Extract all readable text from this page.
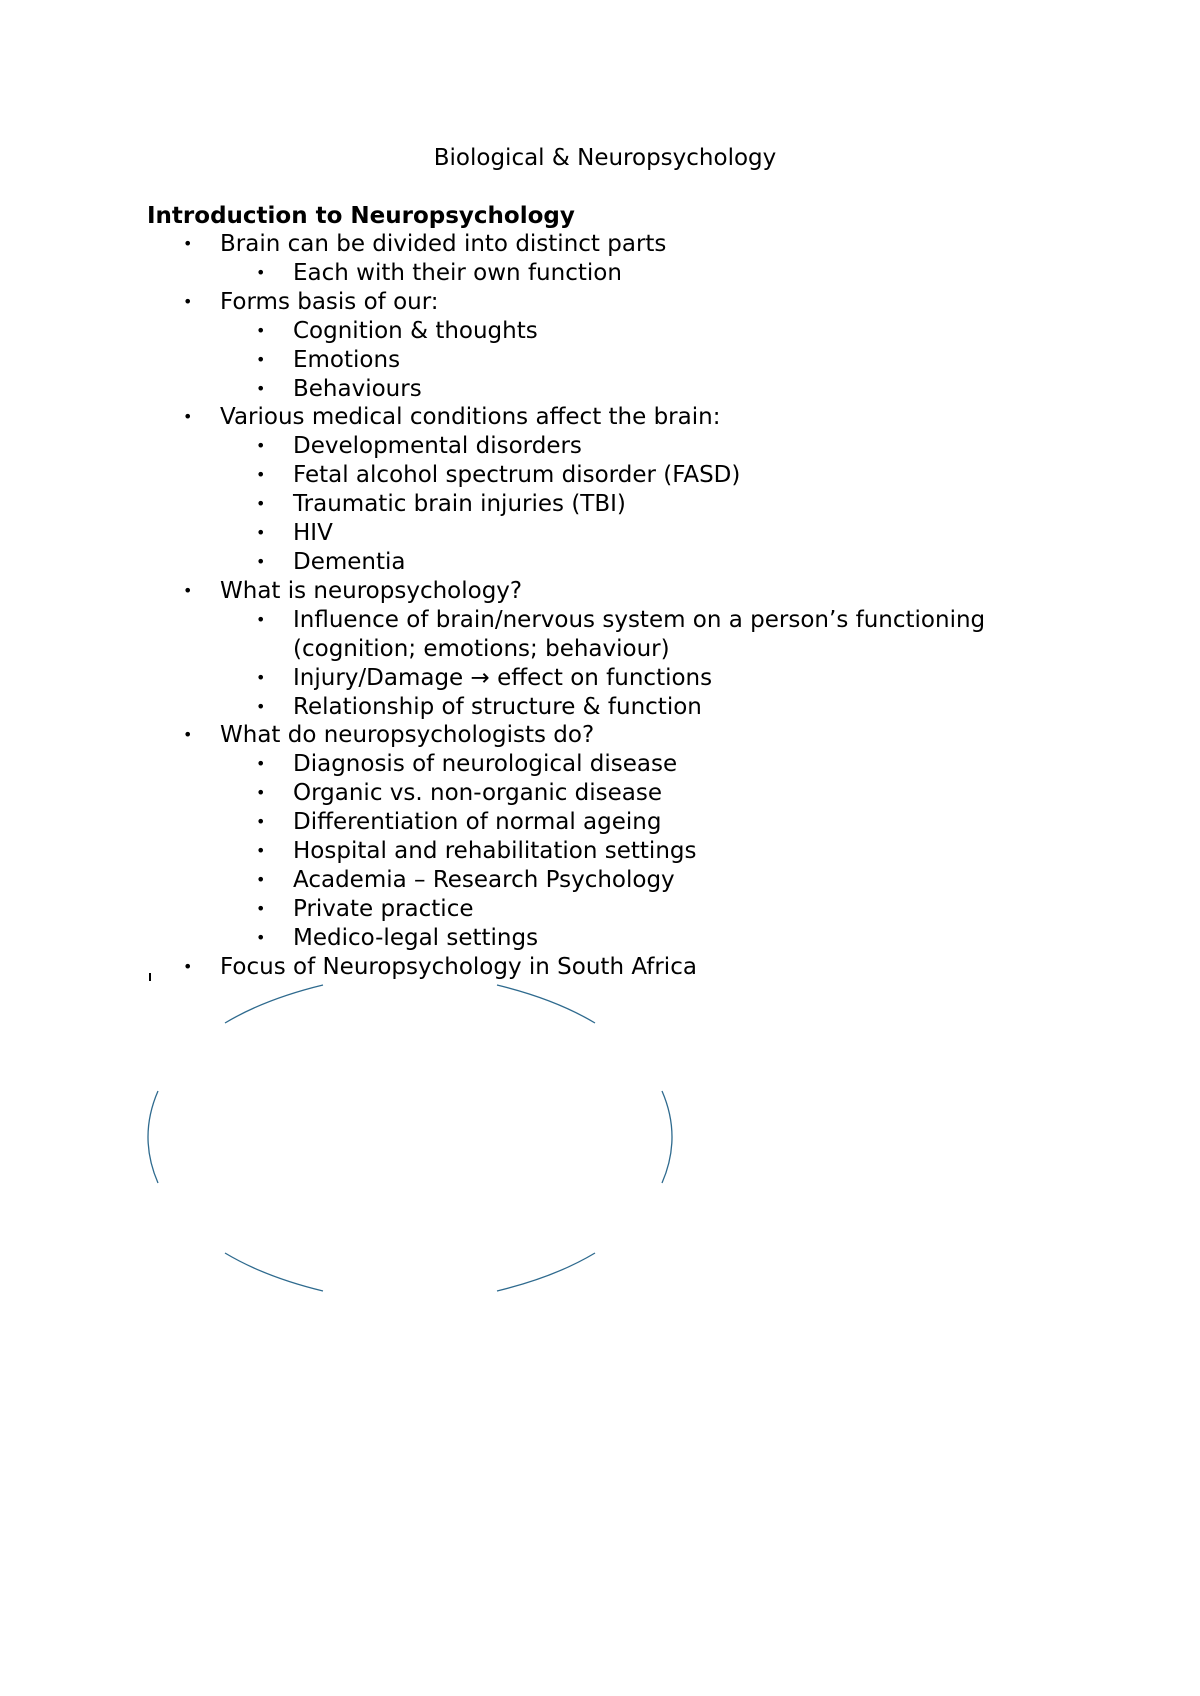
Biological & Neuropsychology
Introduction to Neuropsychology
• Brain can be divided into distinct parts
• Each with their own function
• Forms basis of our:
• Cognition & thoughts
• Emotions
• Behaviours
• Various medical conditions affect the brain:
• Developmental disorders
• Fetal alcohol spectrum disorder (FASD)
• Traumatic brain injuries (TBI)
• HIV
• Dementia
• What is neuropsychology?
• Influence of brain/nervous system on a person’s functioning (cognition; emotions; behaviour)
• Injury/Damage → effect on functions
• Relationship of structure & function
• What do neuropsychologists do?
• Diagnosis of neurological disease
• Organic vs. non-organic disease
• Differentiation of normal ageing
• Hospital and rehabilitation settings
• Academia – Research Psychology
• Private practice
• Medico-legal settings
• Focus of Neuropsychology in South Africa
